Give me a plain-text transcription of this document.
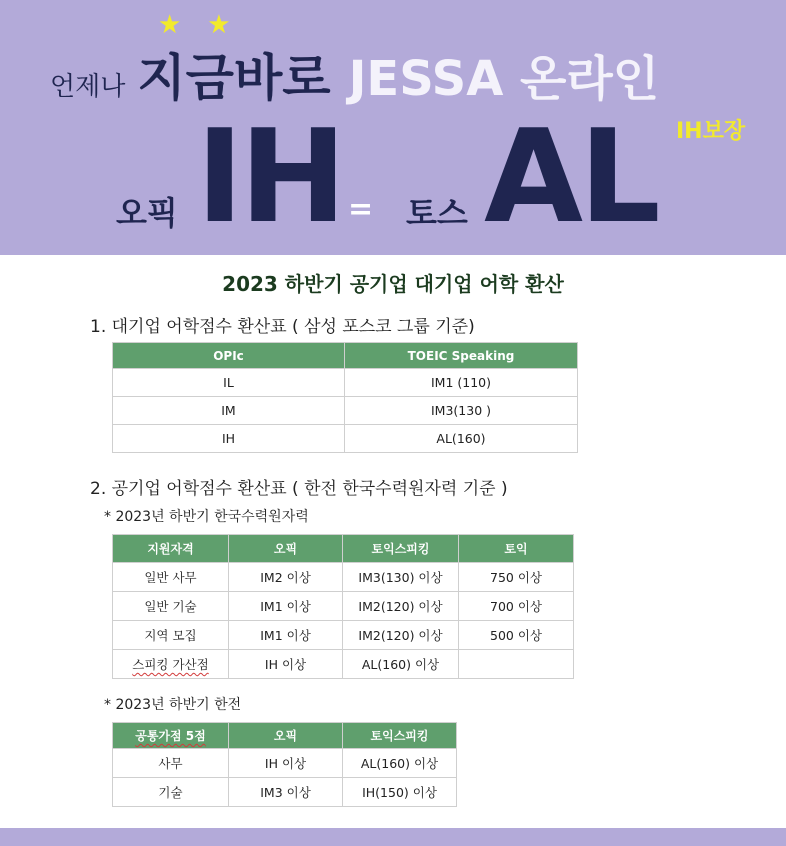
★★
언제나 지금바로 JESSA 온라인
IH보장
오픽 IH = 토스 AL
2023 하반기 공기업 대기업 어학 환산
1. 대기업 어학점수 환산표 ( 삼성 포스코 그룹 기준)
OPIc	TOEIC Speaking
IL	IM1 (110)
IM	IM3(130 )
IH	AL(160)
2. 공기업 어학점수 환산표 ( 한전 한국수력원자력 기준 )
* 2023년 하반기 한국수력원자력
지원자격	오픽	토익스피킹	토익
일반 사무	IM2 이상	IM3(130) 이상	750 이상
일반 기술	IM1 이상	IM2(120) 이상	700 이상
지역 모집	IM1 이상	IM2(120) 이상	500 이상
스피킹 가산점	IH 이상	AL(160) 이상	
* 2023년 하반기 한전
공통가점 5점	오픽	토익스피킹
사무	IH 이상	AL(160) 이상
기술	IM3 이상	IH(150) 이상
